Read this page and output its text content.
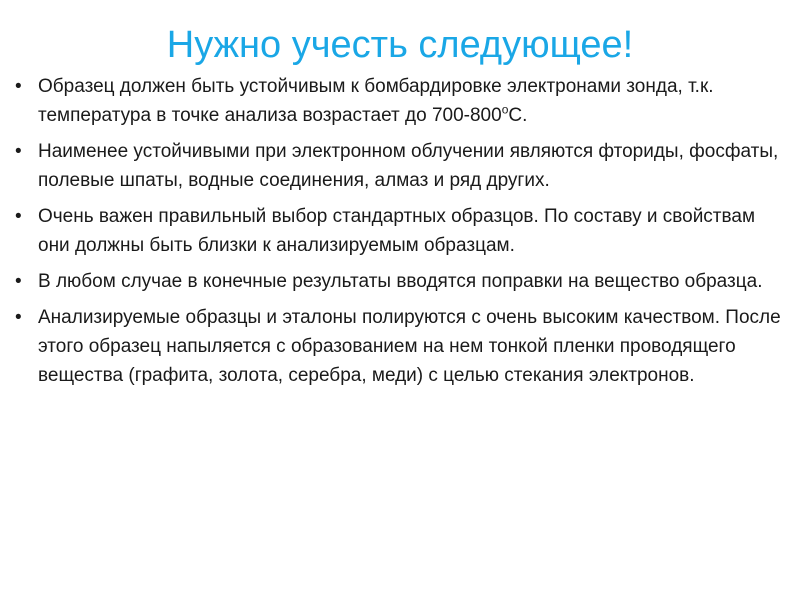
Нужно учесть следующее!
• Образец должен быть устойчивым к бомбардировке электронами зонда, т.к. температура в точке анализа возрастает до $700-800^оС$.
• Наименее устойчивыми при электронном облучении являются фториды, фосфаты, полевые шпаты, водные соединения, алмаз и ряд других.
• Очень важен правильный выбор стандартных образцов. По составу и свойствам они должны быть близки к анализируемым образцам.
• В любом случае в конечные результаты вводятся поправки на вещество образца.
• Анализируемые образцы и эталоны полируются с очень высоким качеством. После этого образец напыляется с образованием на нем тонкой пленки проводящего вещества (графита, золота, серебра, меди) с целью стекания электронов.
